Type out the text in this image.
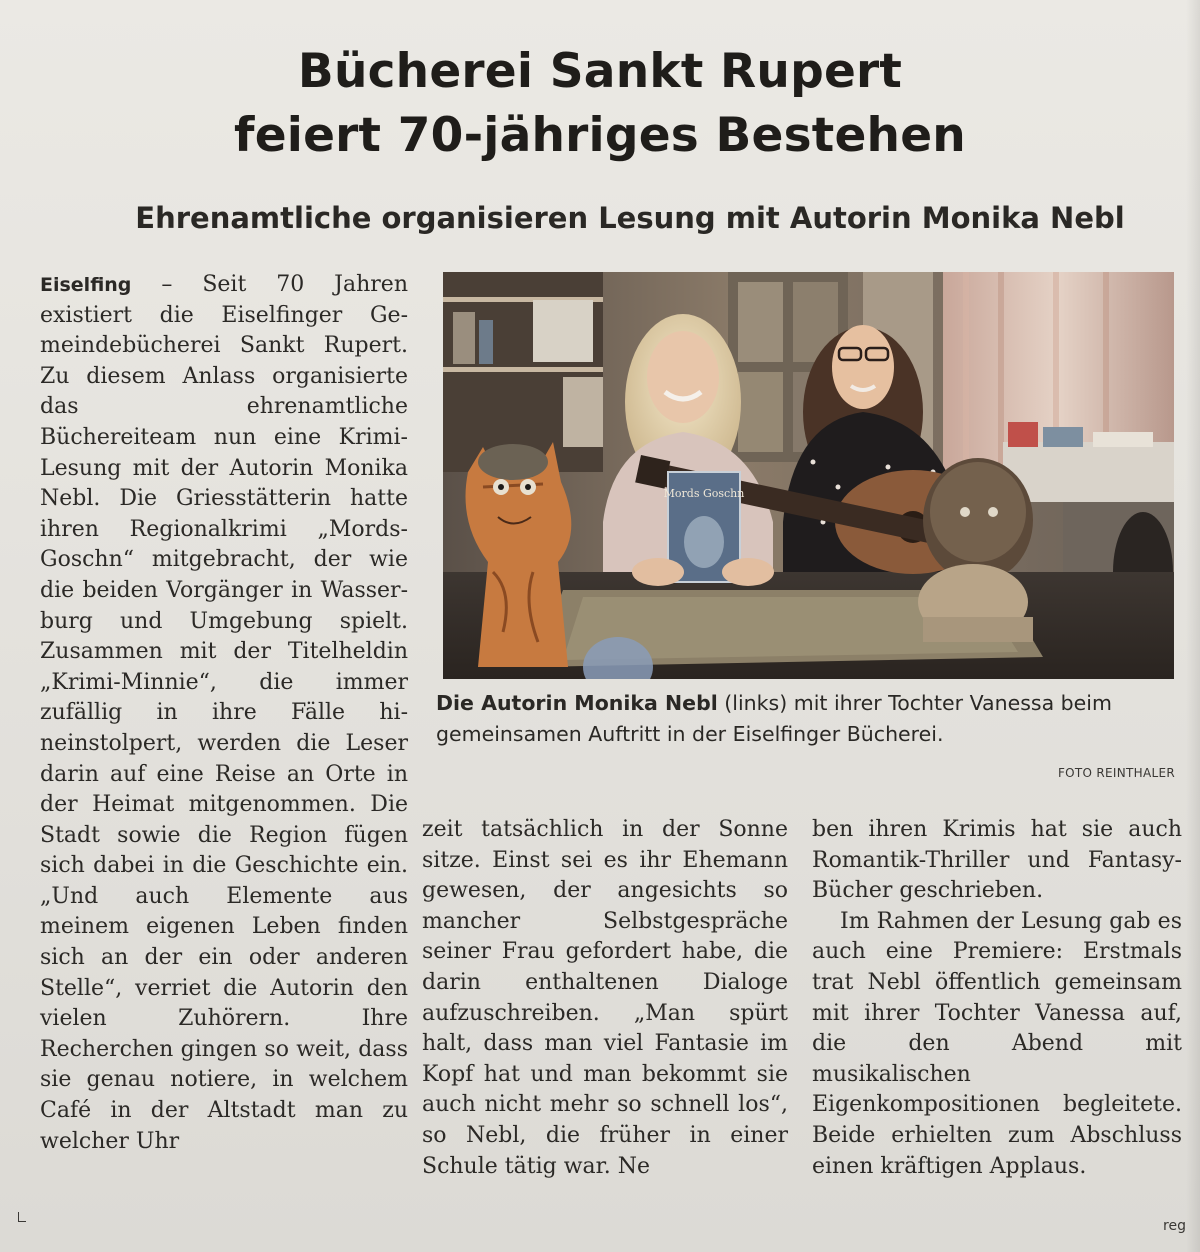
Bücherei Sankt Rupert
feiert 70-jähriges Bestehen
Ehrenamtliche organisieren Lesung mit Autorin Monika Nebl

Eiselfing – Seit 70 Jahren existiert die Eiselfinger Gemeindebücherei Sankt Rupert. Zu diesem Anlass organisierte das ehrenamtliche Büchereiteam nun eine Krimi-Lesung mit der Autorin Monika Nebl. Die Griesstätterin hatte ihren Regionalkrimi „Mords-Goschn“ mitgebracht, der wie die beiden Vorgänger in Wasserburg und Umgebung spielt. Zusammen mit der Titelheldin „Krimi-Minnie“, die immer zufällig in ihre Fälle hineinstolpert, werden die Leser darin auf eine Reise an Orte in der Heimat mitgenommen. Die Stadt sowie die Region fügen sich dabei in die Geschichte ein. „Und auch Elemente aus meinem eigenen Leben finden sich an der ein oder anderen Stelle“, verriet die Autorin den vielen Zuhörern. Ihre Recherchen gingen so weit, dass sie genau notiere, in welchem Café in der Altstadt man zu welcher Uhr

Mords Goschn
Die Autorin Monika Nebl (links) mit ihrer Tochter Vanessa beim gemeinsamen Auftritt in der Eiselfinger Bücherei.
FOTO REINTHALER

zeit tatsächlich in der Sonne sitze. Einst sei es ihr Ehemann gewesen, der angesichts so mancher Selbstgespräche seiner Frau gefordert habe, die darin enthaltenen Dialoge aufzuschreiben. „Man spürt halt, dass man viel Fantasie im Kopf hat und man bekommt sie auch nicht mehr so schnell los“, so Nebl, die früher in einer Schule tätig war. Ne

ben ihren Krimis hat sie auch Romantik-Thriller und Fantasy-Bücher geschrieben.

Im Rahmen der Lesung gab es auch eine Premiere: Erstmals trat Nebl öffentlich gemeinsam mit ihrer Tochter Vanessa auf, die den Abend mit musikalischen Eigenkompositionen begleitete. Beide erhielten zum Abschluss einen kräftigen Applaus.

reg
